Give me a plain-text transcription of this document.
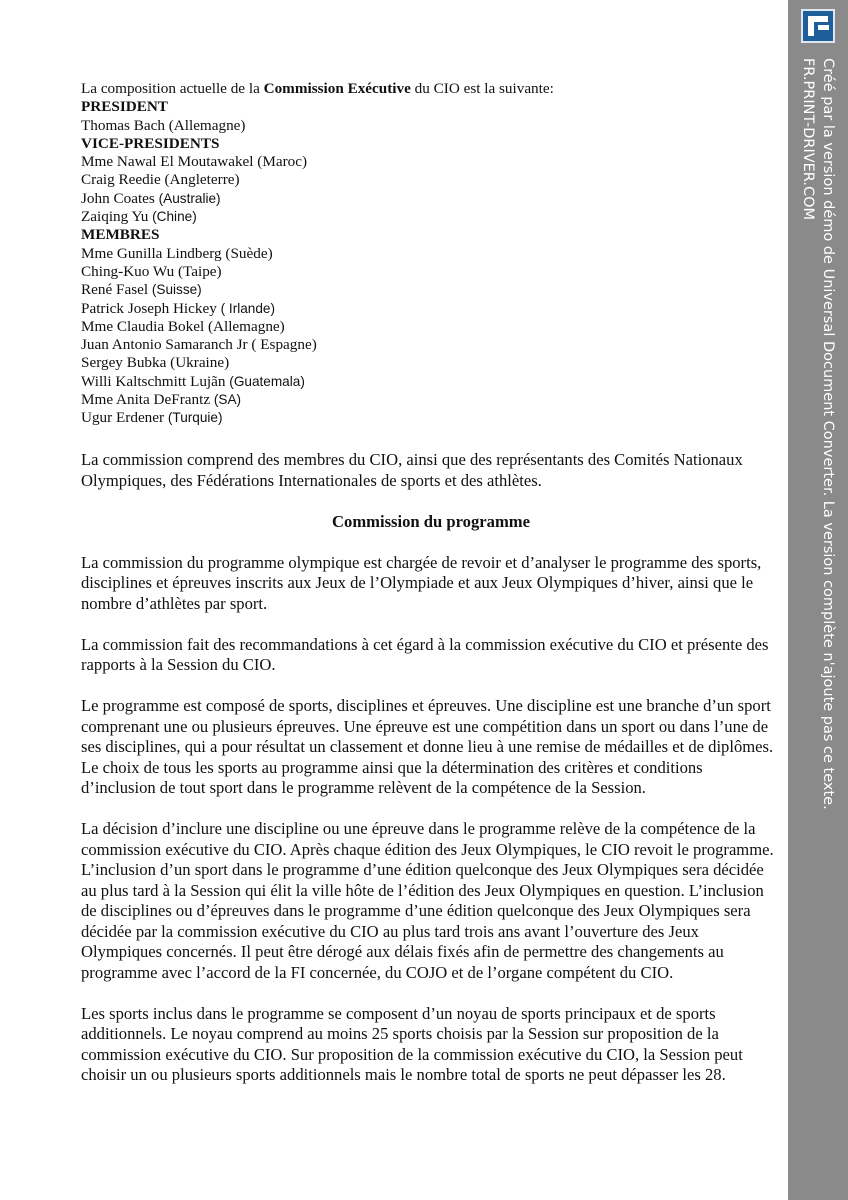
Créé par la version démo de Universal Document Converter. La version complète n'ajoute pas ce texte.
FR.PRINT-DRIVER.COM
La composition actuelle de la Commission Exécutive du CIO est la suivante:
PRESIDENT
Thomas Bach (Allemagne)
VICE-PRESIDENTS
Mme Nawal El Moutawakel (Maroc)
Craig Reedie (Angleterre)
John Coates (Australie)
Zaiqing Yu (Chine)
MEMBRES
Mme Gunilla Lindberg (Suède)
Ching-Kuo Wu (Taipe)
René Fasel (Suisse)
Patrick Joseph Hickey ( Irlande)
Mme Claudia Bokel (Allemagne)
Juan Antonio Samaranch Jr ( Espagne)
Sergey Bubka (Ukraine)
Willi Kaltschmitt Lujãn (Guatemala)
Mme Anita DeFrantz (SA)
Ugur Erdener (Turquie)

La commission comprend des membres du CIO, ainsi que des représentants des Comités Nationaux Olympiques, des Fédérations Internationales de sports et des athlètes.

Commission du programme

La commission du programme olympique est chargée de revoir et d’analyser le programme des sports, disciplines et épreuves inscrits aux Jeux de l’Olympiade et aux Jeux Olympiques d’hiver, ainsi que le nombre d’athlètes par sport.

La commission fait des recommandations à cet égard à la commission exécutive du CIO et présente des rapports à la Session du CIO.

Le programme est composé de sports, disciplines et épreuves. Une discipline est une branche d’un sport comprenant une ou plusieurs épreuves. Une épreuve est une compétition dans un sport ou dans l’une de ses disciplines, qui a pour résultat un classement et donne lieu à une remise de médailles et de diplômes. Le choix de tous les sports au programme ainsi que la détermination des critères et conditions d’inclusion de tout sport dans le programme relèvent de la compétence de la Session.

La décision d’inclure une discipline ou une épreuve dans le programme relève de la compétence de la commission exécutive du CIO. Après chaque édition des Jeux Olympiques, le CIO revoit le programme. L’inclusion d’un sport dans le programme d’une édition quelconque des Jeux Olympiques sera décidée au plus tard à la Session qui élit la ville hôte de l’édition des Jeux Olympiques en question. L’inclusion de disciplines ou d’épreuves dans le programme d’une édition quelconque des Jeux Olympiques sera décidée par la commission exécutive du CIO au plus tard trois ans avant l’ouverture des Jeux Olympiques concernés. Il peut être dérogé aux délais fixés afin de permettre des changements au programme avec l’accord de la FI concernée, du COJO et de l’organe compétent du CIO.

Les sports inclus dans le programme se composent d’un noyau de sports principaux et de sports additionnels. Le noyau comprend au moins 25 sports choisis par la Session sur proposition de la commission exécutive du CIO. Sur proposition de la commission exécutive du CIO, la Session peut choisir un ou plusieurs sports additionnels mais le nombre total de sports ne peut dépasser les 28.
